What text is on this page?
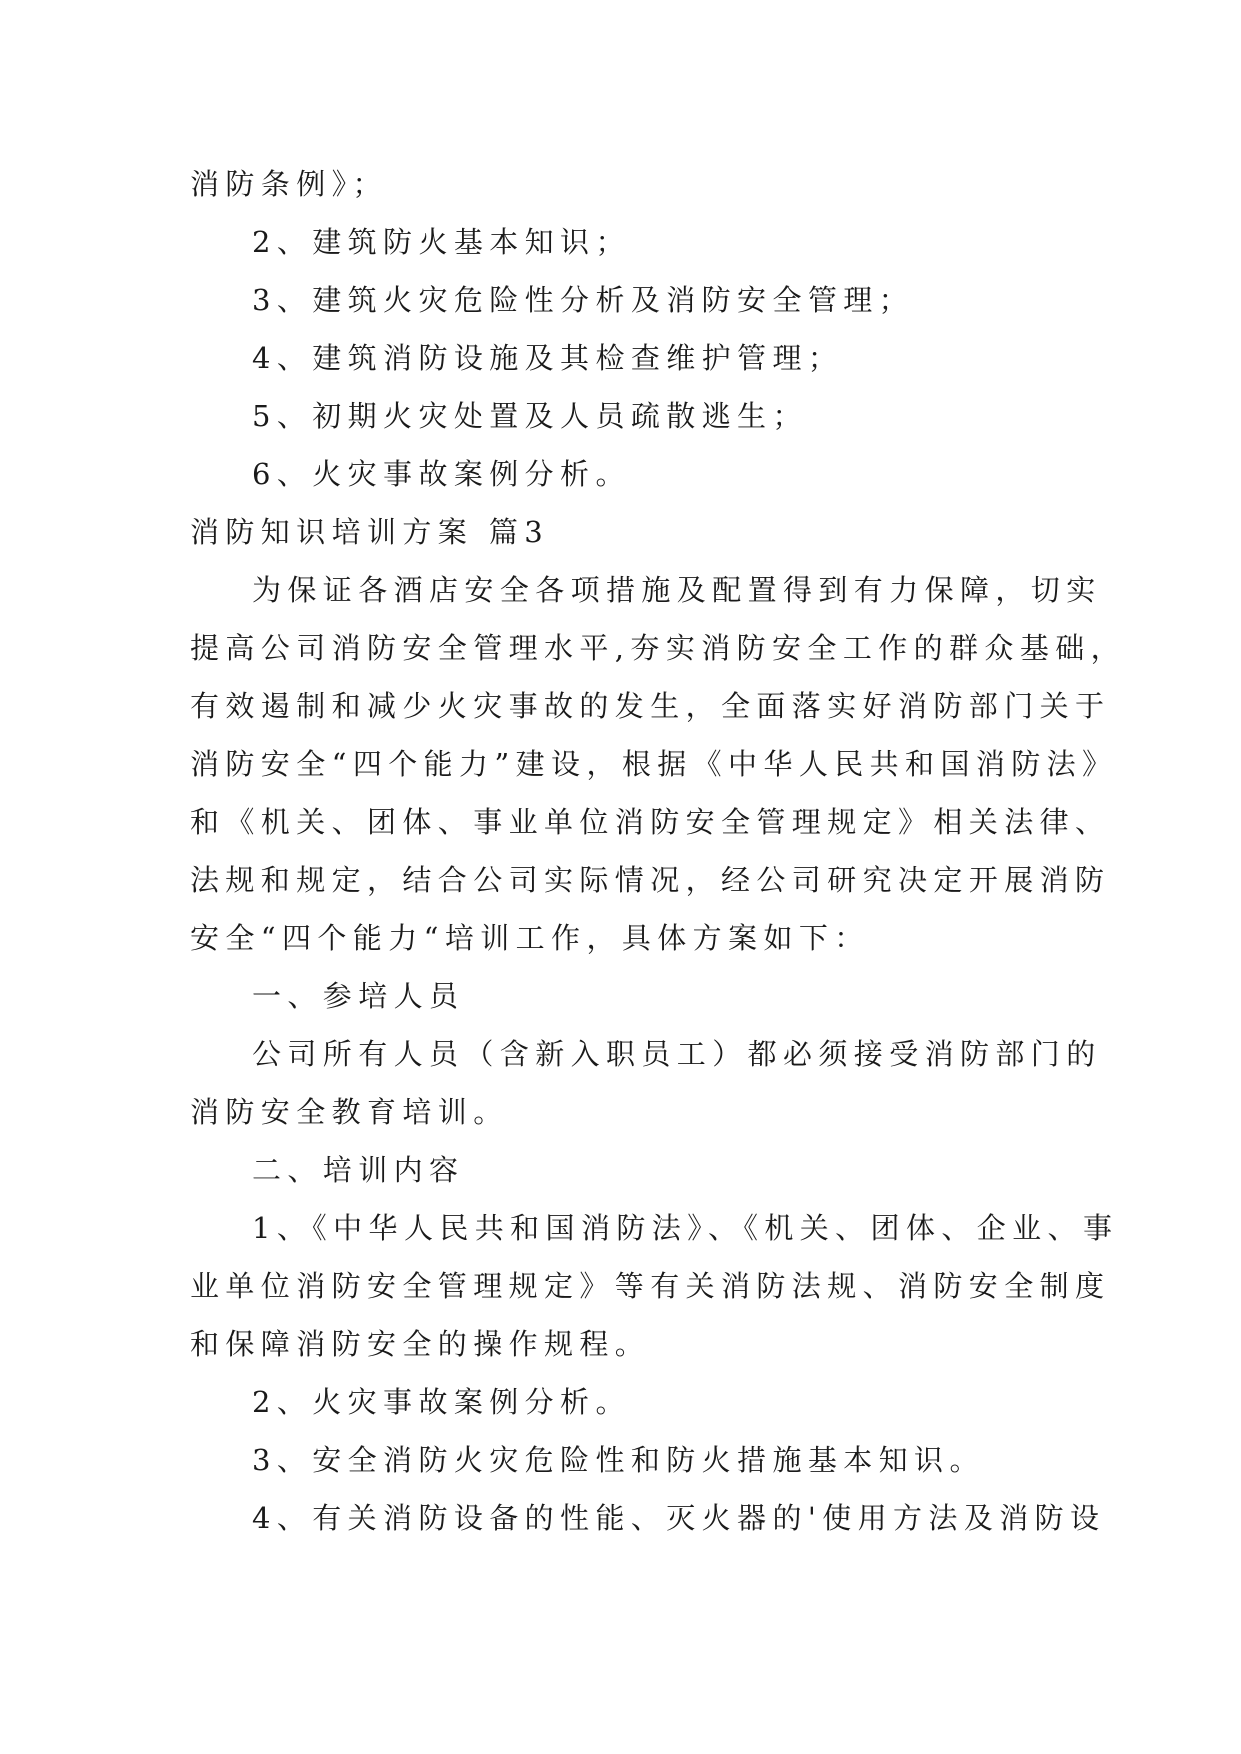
消防条例》；
2、建筑防火基本知识；
3、建筑火灾危险性分析及消防安全管理；
4、建筑消防设施及其检查维护管理；
5、初期火灾处置及人员疏散逃生；
6、火灾事故案例分析。
消防知识培训方案 篇3
为保证各酒店安全各项措施及配置得到有力保障，切实
提高公司消防安全管理水平,夯实消防安全工作的群众基础，
有效遏制和减少火灾事故的发生，全面落实好消防部门关于
消防安全“四个能力”建设，根据《中华人民共和国消防法》
和《机关、团体、事业单位消防安全管理规定》相关法律、
法规和规定，结合公司实际情况，经公司研究决定开展消防
安全“四个能力“培训工作，具体方案如下：
一、参培人员
公司所有人员（含新入职员工）都必须接受消防部门的
消防安全教育培训。
二、培训内容
1、《中华人民共和国消防法》、《机关、团体、企业、事
业单位消防安全管理规定》等有关消防法规、消防安全制度
和保障消防安全的操作规程。
2、火灾事故案例分析。
3、安全消防火灾危险性和防火措施基本知识。
4、有关消防设备的性能、灭火器的'使用方法及消防设
